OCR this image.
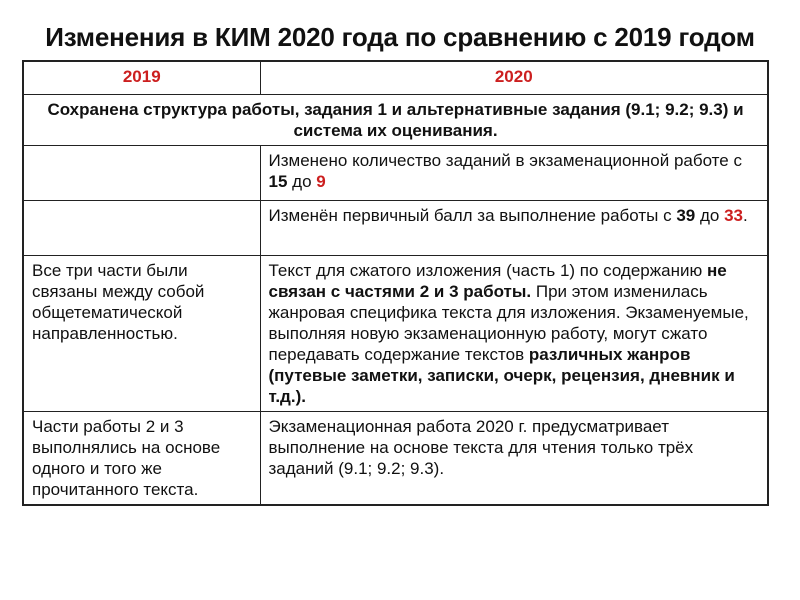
Изменения в КИМ 2020 года по сравнению с 2019 годом
2019	2020
Сохранена структура работы, задания 1 и альтернативные задания (9.1; 9.2; 9.3) и система их оценивания.	
	Изменено количество заданий в экзаменационной работе с 15 до 9
	Изменён первичный балл за выполнение работы с 39 до 33.
Все три части были связаны между собой общетематической направленностью.	Текст для сжатого изложения (часть 1) по содержанию не связан с частями 2 и 3 работы. При этом изменилась жанровая специфика текста для изложения. Экзаменуемые, выполняя новую экзаменационную работу, могут сжато передавать содержание текстов различных жанров (путевые заметки, записки, очерк, рецензия, дневник и т.д.).
Части работы 2 и 3 выполнялись на основе одного и того же прочитанного текста.	Экзаменационная работа 2020 г. предусматривает выполнение на основе текста для чтения только трёх заданий (9.1; 9.2; 9.3).
